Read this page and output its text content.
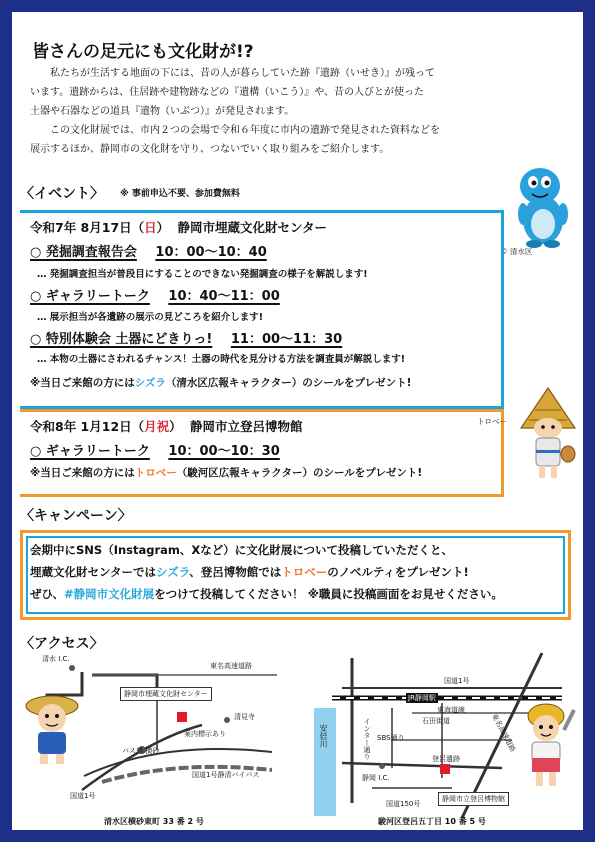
皆さんの足元にも文化財が!?
私たちが生活する地面の下には、昔の人が暮らしていた跡『遺跡（いせき）』が残って
います。遺跡からは、住居跡や建物跡などの『遺構（いこう）』や、昔の人びとが使った
土器や石器などの道具『遺物（いぶつ）』が発見されます。
この文化財展では、市内２つの会場で令和６年度に市内の遺跡で発見された資料などを
展示するほか、静岡市の文化財を守り、つないでいく取り組みをご紹介します。
〈イベント〉 ※ 事前申込不要、参加費無料
© 清水区
令和7年 8月17日（日） 静岡市埋蔵文化財センター
○ 発掘調査報告会 10：00～10：40
… 発掘調査担当が普段目にすることのできない発掘調査の様子を解説します!
○ ギャラリートーク 10：40～11：00
… 展示担当が各遺跡の展示の見どころを紹介します!
○ 特別体験会 土器にどきりっ! 11：00～11：30
… 本物の土器にさわれるチャンス！土器の時代を見分ける方法を調査員が解説します!
※当日ご来館の方にはシズラ（清水区広報キャラクター）のシールをプレゼント!
令和8年 1月12日（月祝） 静岡市立登呂博物館
○ ギャラリートーク 10：00～10：30
※当日ご来館の方にはトロベー（駿河区広報キャラクター）のシールをプレゼント!
トロベー
〈キャンペーン〉
会期中にSNS（Instagram、Xなど）に文化財展について投稿していただくと、
埋蔵文化財センターではシズラ、登呂博物館ではトロベーのノベルティをプレゼント!
ぜひ、#静岡市文化財展をつけて投稿してください！ ※職員に投稿画面をお見せください。
〈アクセス〉
清水 I.C.
東名高速道路
静岡市埋蔵文化財センター
清見寺
案内標示あり
バス停 横砂
国道1号
国道1号静清バイパス
清水区横砂東町 33 番 2 号
国道1号
JR静岡駅
東海道線
安倍川	インター通り SBS通り
石田街道
登呂遺跡
静岡 I.C.
国道150号
静岡市立登呂博物館
東名高速道路
駿河区登呂五丁目 10 番 5 号
